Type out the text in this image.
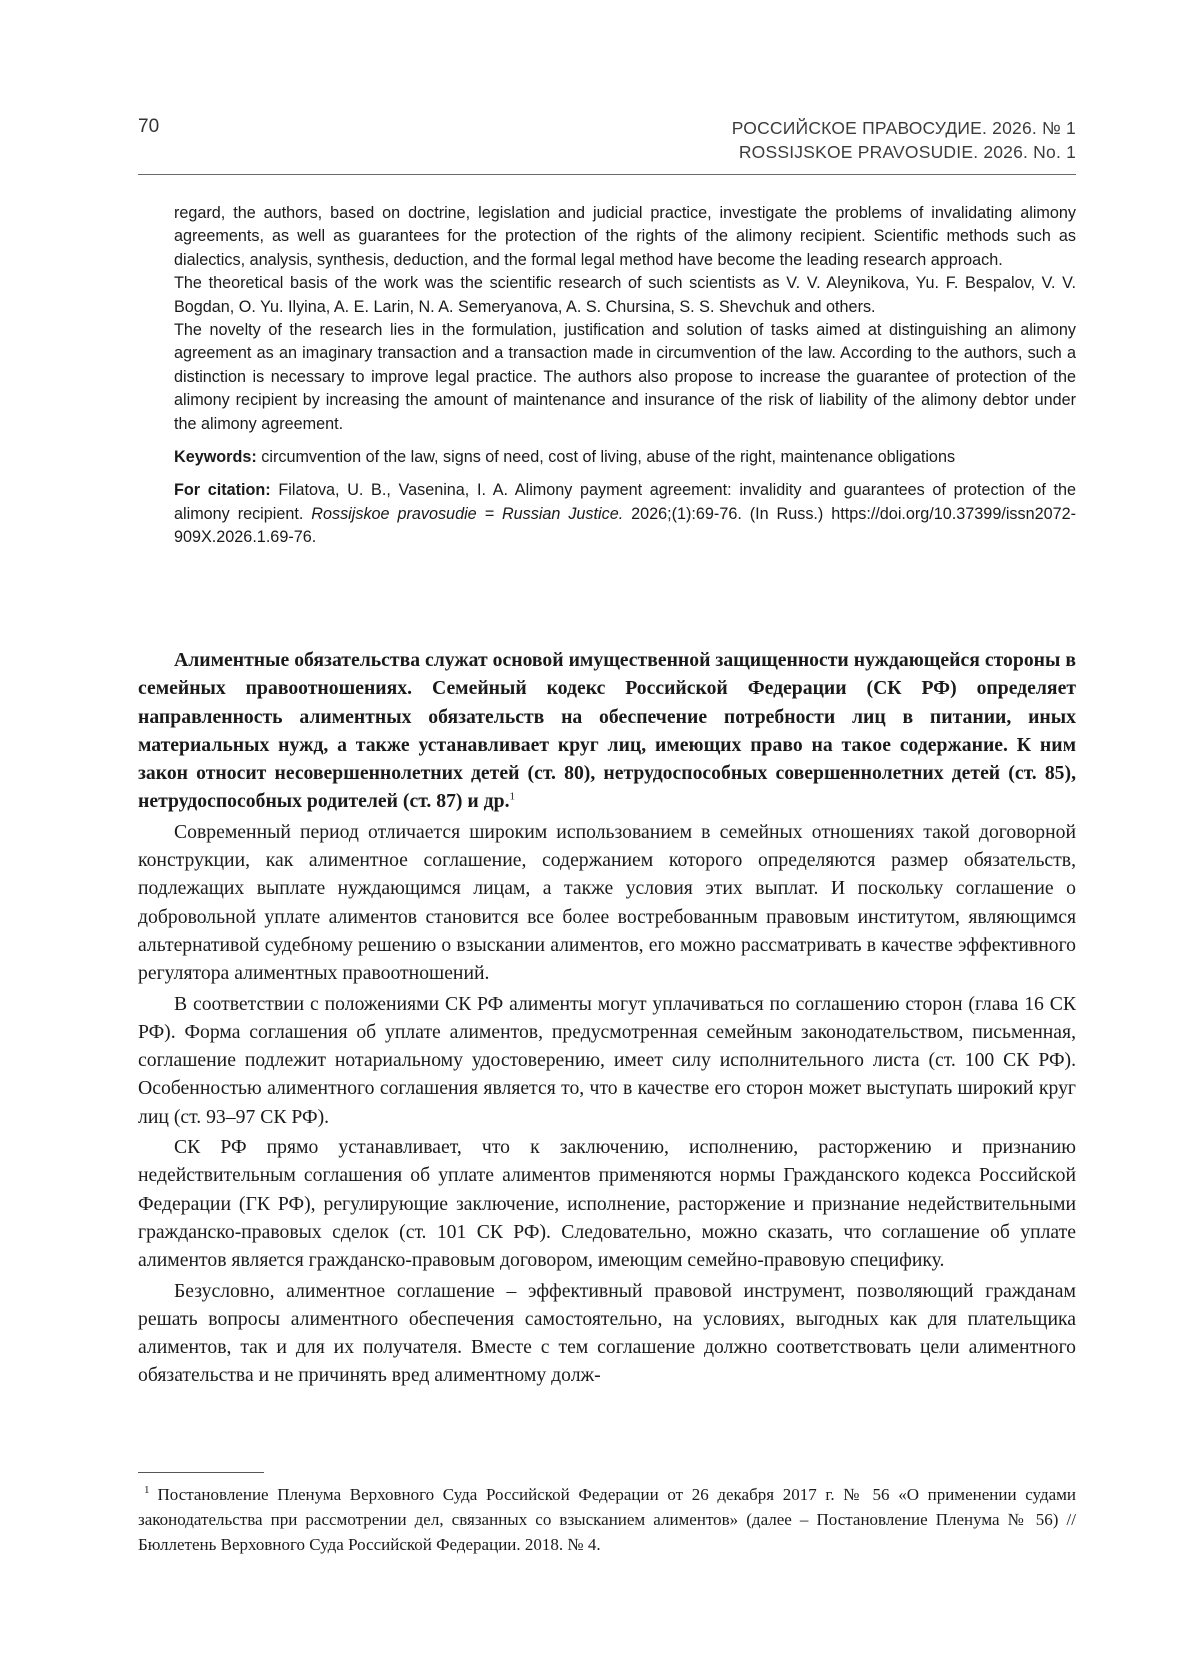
70	РОССИЙСКОЕ ПРАВОСУДИЕ. 2026. № 1
ROSSIJSKOE PRAVOSUDIE. 2026. No. 1

regard, the authors, based on doctrine, legislation and judicial practice, investigate the problems of invalidating alimony agreements, as well as guarantees for the protection of the rights of the alimony recipient. Scientific methods such as dialectics, analysis, synthesis, deduction, and the formal legal method have become the leading research approach.

The theoretical basis of the work was the scientific research of such scientists as V. V. Aleynikova, Yu. F. Bespalov, V. V. Bogdan, O. Yu. Ilyina, A. E. Larin, N. A. Semeryanova, A. S. Chursina, S. S. Shevchuk and others.

The novelty of the research lies in the formulation, justification and solution of tasks aimed at distinguishing an alimony agreement as an imaginary transaction and a transaction made in circumvention of the law. According to the authors, such a distinction is necessary to improve legal practice. The authors also propose to increase the guarantee of protection of the alimony recipient by increasing the amount of maintenance and insurance of the risk of liability of the alimony debtor under the alimony agreement.

Keywords: circumvention of the law, signs of need, cost of living, abuse of the right, maintenance obligations

For citation: Filatova, U. B., Vasenina, I. A. Alimony payment agreement: invalidity and guarantees of protection of the alimony recipient. Rossijskoe pravosudie = Russian Justice. 2026;(1):69-76. (In Russ.) https://doi.org/10.37399/issn2072-909X.2026.1.69-76.

Алиментные обязательства служат основой имущественной защищенности нуждающейся стороны в семейных правоотношениях. Семейный кодекс Российской Федерации (СК РФ) определяет направленность алиментных обязательств на обеспечение потребности лиц в питании, иных материальных нужд, а также устанавливает круг лиц, имеющих право на такое содержание. К ним закон относит несовершеннолетних детей (ст. 80), нетрудоспособных совершеннолетних детей (ст. 85), нетрудоспособных родителей (ст. 87) и др.$^1$

Современный период отличается широким использованием в семейных отношениях такой договорной конструкции, как алиментное соглашение, содержанием которого определяются размер обязательств, подлежащих выплате нуждающимся лицам, а также условия этих выплат. И поскольку соглашение о добровольной уплате алиментов становится все более востребованным правовым институтом, являющимся альтернативой судебному решению о взыскании алиментов, его можно рассматривать в качестве эффективного регулятора алиментных правоотношений.

В соответствии с положениями СК РФ алименты могут уплачиваться по соглашению сторон (глава 16 СК РФ). Форма соглашения об уплате алиментов, предусмотренная семейным законодательством, письменная, соглашение подлежит нотариальному удостоверению, имеет силу исполнительного листа (ст. 100 СК РФ). Особенностью алиментного соглашения является то, что в качестве его сторон может выступать широкий круг лиц (ст. 93–97 СК РФ).

СК РФ прямо устанавливает, что к заключению, исполнению, расторжению и признанию недействительным соглашения об уплате алиментов применяются нормы Гражданского кодекса Российской Федерации (ГК РФ), регулирующие заключение, исполнение, расторжение и признание недействительными гражданско-правовых сделок (ст. 101 СК РФ). Следовательно, можно сказать, что соглашение об уплате алиментов является гражданско-правовым договором, имеющим семейно-правовую специфику.

Безусловно, алиментное соглашение – эффективный правовой инструмент, позволяющий гражданам решать вопросы алиментного обеспечения самостоятельно, на условиях, выгодных как для плательщика алиментов, так и для их получателя. Вместе с тем соглашение должно соответствовать цели алиментного обязательства и не причинять вред алиментному долж-

$^1$ Постановление Пленума Верховного Суда Российской Федерации от 26 декабря 2017 г. № 56 «О применении судами законодательства при рассмотрении дел, связанных со взысканием алиментов» (далее – Постановление Пленума № 56) // Бюллетень Верховного Суда Российской Федерации. 2018. № 4.
